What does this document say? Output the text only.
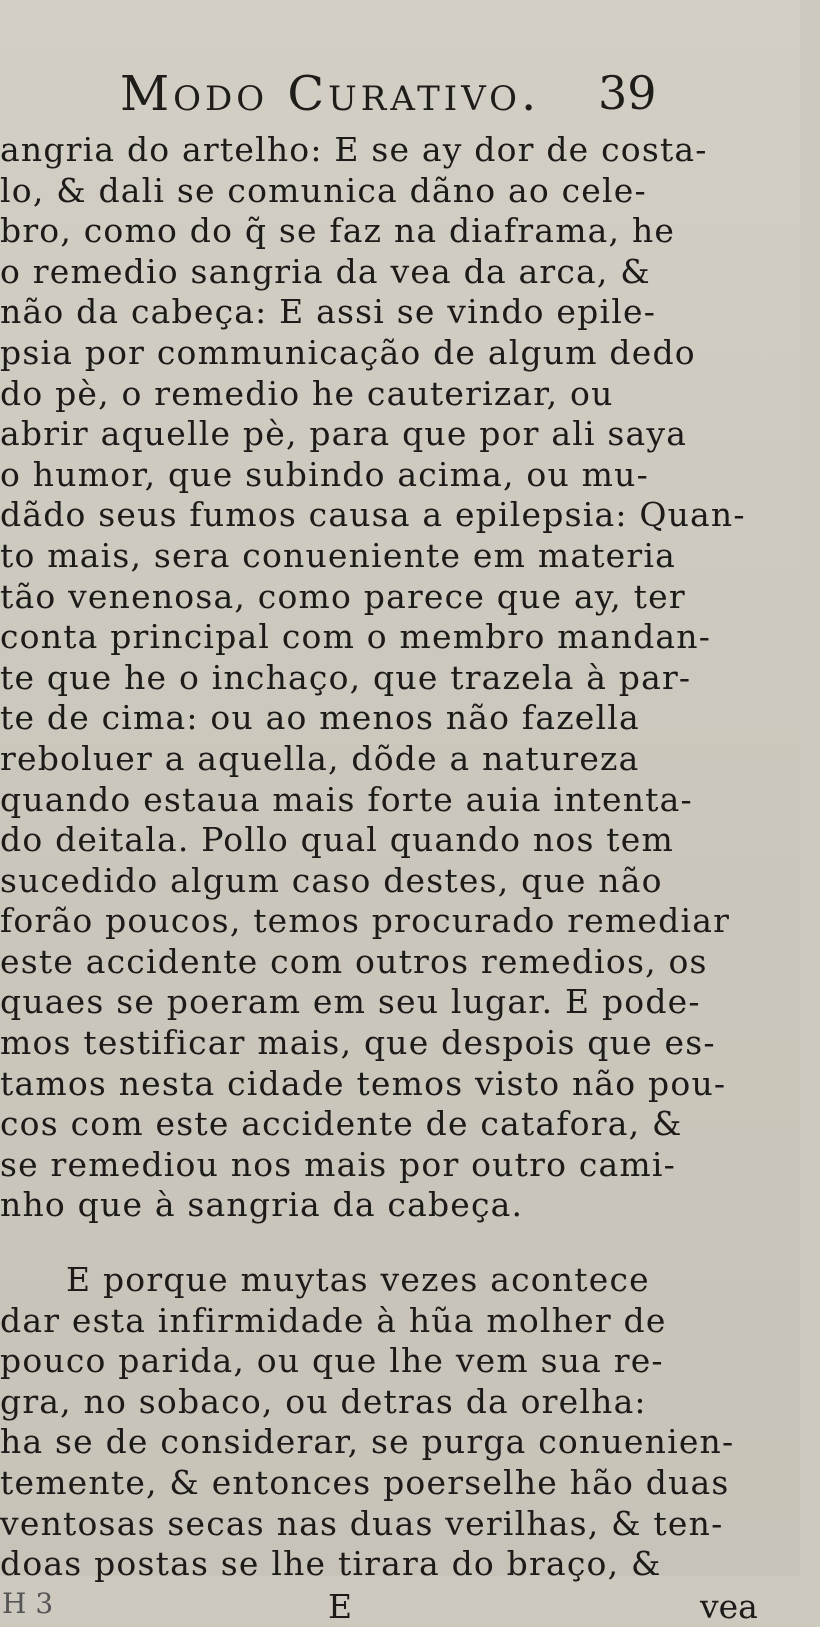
Modo Curativo. 39
angria do artelho: E se ay dor de costa-
lo, & dali se comunica dãno ao cele-
bro, como do q̃ se faz na diaframa, he
o remedio sangria da vea da arca, &
não da cabeça: E assi se vindo epile-
psia por communicação de algum dedo
do pè, o remedio he cauterizar, ou
abrir aquelle pè, para que por ali saya
o humor, que subindo acima, ou mu-
dãdo seus fumos causa a epilepsia: Quan-
to mais, sera conueniente em materia
tão venenosa, como parece que ay, ter
conta principal com o membro mandan-
te que he o inchaço, que trazela à par-
te de cima: ou ao menos não fazella
reboluer a aquella, dõde a natureza
quando estaua mais forte auia intenta-
do deitala. Pollo qual quando nos tem
sucedido algum caso destes, que não
forão poucos, temos procurado remediar
este accidente com outros remedios, os
quaes se poeram em seu lugar. E pode-
mos testificar mais, que despois que es-
tamos nesta cidade temos visto não pou-
cos com este accidente de catafora, &
se remediou nos mais por outro cami-
nho que à sangria da cabeça.
E porque muytas vezes acontece
dar esta infirmidade à hũa molher de
pouco parida, ou que lhe vem sua re-
gra, no sobaco, ou detras da orelha:
ha se de considerar, se purga conuenien-
temente, & entonces poerselhe hão duas
ventosas secas nas duas verilhas, & ten-
doas postas se lhe tirara do braço, &
H 3	E	vea
